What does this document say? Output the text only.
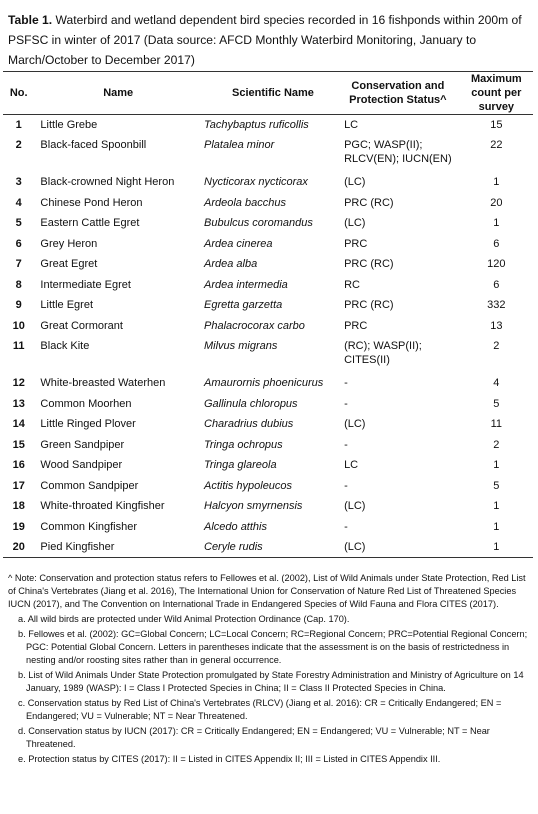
Table 1. Waterbird and wetland dependent bird species recorded in 16 fishponds within 200m of PSFSC in winter of 2017 (Data source: AFCD Monthly Waterbird Monitoring, January to March/October to December 2017)
No.	Name	Scientific Name	Conservation and Protection Status^	Maximum count per survey
1	Little Grebe	Tachybaptus ruficollis	LC	15
2	Black-faced Spoonbill	Platalea minor	PGC; WASP(II); RLCV(EN); IUCN(EN)	22
3	Black-crowned Night Heron	Nycticorax nycticorax	(LC)	1
4	Chinese Pond Heron	Ardeola bacchus	PRC (RC)	20
5	Eastern Cattle Egret	Bubulcus coromandus	(LC)	1
6	Grey Heron	Ardea cinerea	PRC	6
7	Great Egret	Ardea alba	PRC (RC)	120
8	Intermediate Egret	Ardea intermedia	RC	6
9	Little Egret	Egretta garzetta	PRC (RC)	332
10	Great Cormorant	Phalacrocorax carbo	PRC	13
11	Black Kite	Milvus migrans	(RC); WASP(II); CITES(II)	2
12	White-breasted Waterhen	Amaurornis phoenicurus	-	4
13	Common Moorhen	Gallinula chloropus	-	5
14	Little Ringed Plover	Charadrius dubius	(LC)	11
15	Green Sandpiper	Tringa ochropus	-	2
16	Wood Sandpiper	Tringa glareola	LC	1
17	Common Sandpiper	Actitis hypoleucos	-	5
18	White-throated Kingfisher	Halcyon smyrnensis	(LC)	1
19	Common Kingfisher	Alcedo atthis	-	1
20	Pied Kingfisher	Ceryle rudis	(LC)	1

^ Note: Conservation and protection status refers to Fellowes et al. (2002), List of Wild Animals under State Protection, Red List of China's Vertebrates (Jiang et al. 2016), The International Union for Conservation of Nature Red List of Threatened Species IUCN (2017), and The Convention on International Trade in Endangered Species of Wild Fauna and Flora CITES (2017).

a. All wild birds are protected under Wild Animal Protection Ordinance (Cap. 170).

b. Fellowes et al. (2002): GC=Global Concern; LC=Local Concern; RC=Regional Concern; PRC=Potential Regional Concern; PGC: Potential Global Concern. Letters in parentheses indicate that the assessment is on the basis of restrictedness in nesting and/or roosting sites rather than in general occurrence.

b. List of Wild Animals Under State Protection promulgated by State Forestry Administration and Ministry of Agriculture on 14 January, 1989 (WASP): I = Class I Protected Species in China; II = Class II Protected Species in China.

c. Conservation status by Red List of China's Vertebrates (RLCV) (Jiang et al. 2016): CR = Critically Endangered; EN = Endangered; VU = Vulnerable; NT = Near Threatened.

d. Conservation status by IUCN (2017): CR = Critically Endangered; EN = Endangered; VU = Vulnerable; NT = Near Threatened.

e. Protection status by CITES (2017): II = Listed in CITES Appendix II; III = Listed in CITES Appendix III.
